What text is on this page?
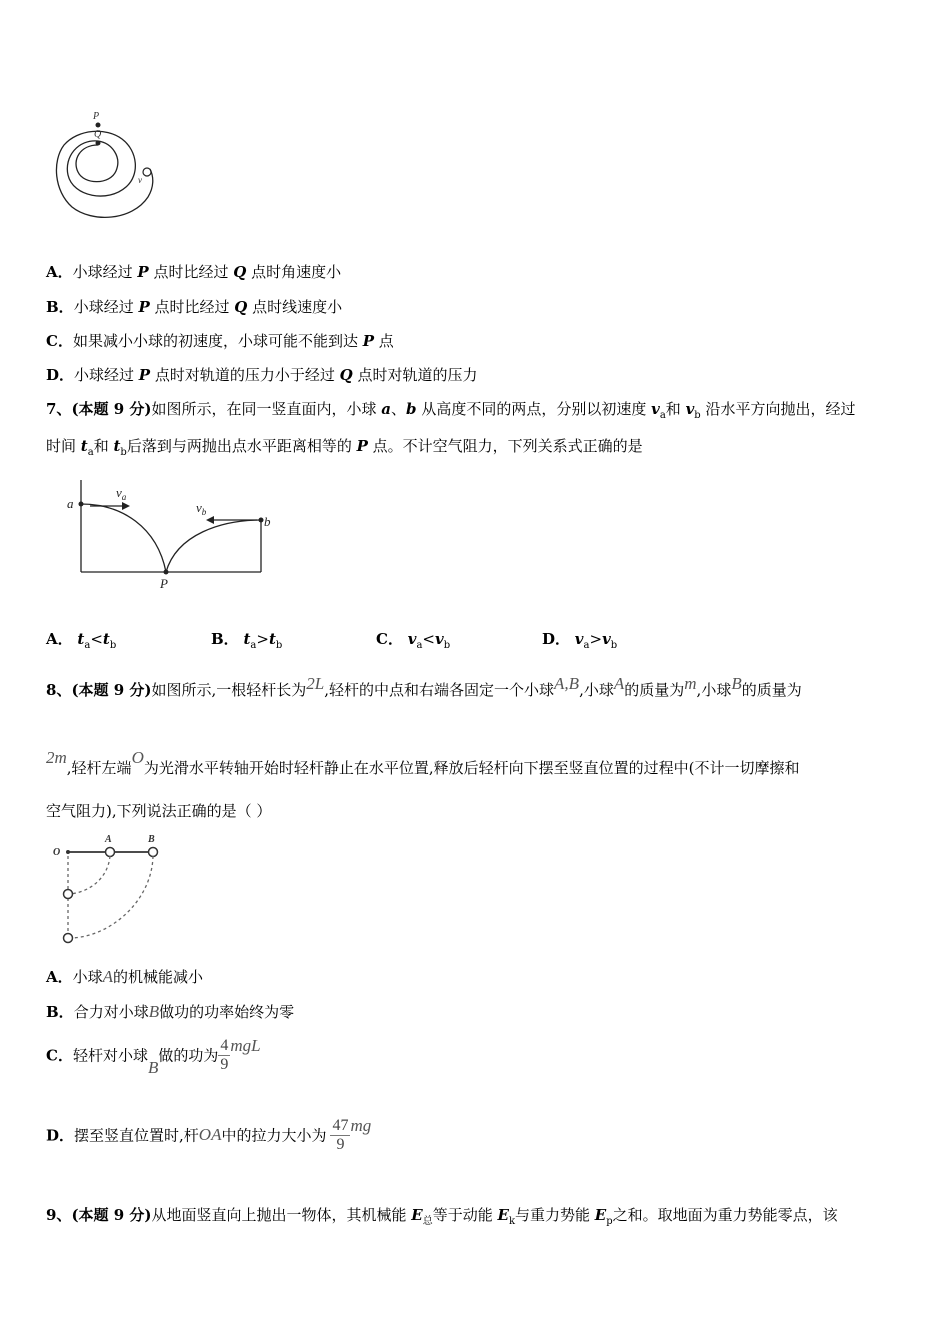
P
Q
v
A．小球经过 P 点时比经过 Q 点时角速度小
B．小球经过 P 点时比经过 Q 点时线速度小
C．如果减小小球的初速度，小球可能不能到达 P 点
D．小球经过 P 点时对轨道的压力小于经过 Q 点时对轨道的压力
7、(本题 9 分)如图所示，在同一竖直面内，小球 a、b 从高度不同的两点，分别以初速度 $v_a$和 $v_b$ 沿水平方向抛出，经过
时间 $t_a$和 $t_b$后落到与两抛出点水平距离相等的 P 点。不计空气阻力，下列关系式正确的是
a
b
P
$v_a$
$v_b$
A． $t_a<t_b$	B． $t_a>t_b$	C． $v_a<v_b$	D． $v_a>v_b$
8、(本题 9 分)如图所示,一根轻杆长为2L,轻杆的中点和右端各固定一个小球A,B,小球A的质量为m,小球B的质量为
2m,轻杆左端O为光滑水平转轴开始时轻杆静止在水平位置,释放后轻杆向下摆至竖直位置的过程中(不计一切摩擦和
空气阻力),下列说法正确的是（ ）
O
A	B
A．小球A的机械能减小
B．合力对小球B做功的功率始终为零
C．轻杆对小球B做的功为 $\frac{4}{9}$ mgL
D．摆至竖直位置时,杆OA中的拉力大小为 $\frac{47}{9}$ mg
9、(本题 9 分)从地面竖直向上抛出一物体，其机械能 $E_总$等于动能 $E_k$与重力势能 $E_p$之和。取地面为重力势能零点，该
